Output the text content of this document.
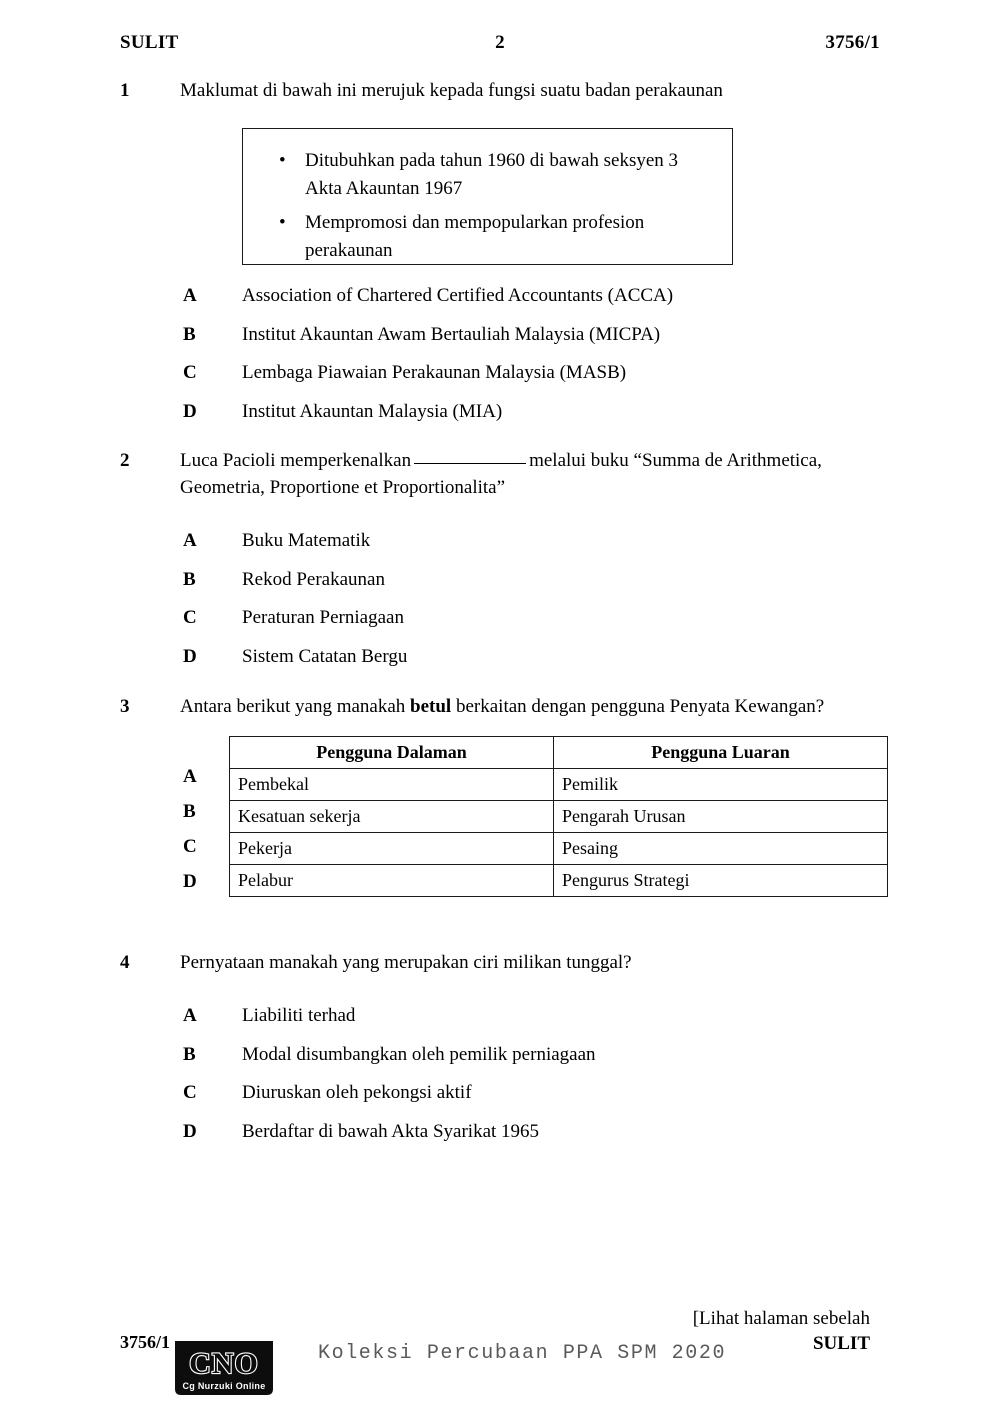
SULIT	2	3756/1
1	Maklumat di bawah ini merujuk kepada fungsi suatu badan perakaunan
• Ditubuhkan pada tahun 1960 di bawah seksyen 3 Akta Akauntan 1967
• Mempromosi dan mempopularkan profesion perakaunan
A	Association of Chartered Certified Accountants (ACCA)
B	Institut Akauntan Awam Bertauliah Malaysia (MICPA)
C	Lembaga Piawaian Perakaunan Malaysia (MASB)
D	Institut Akauntan Malaysia (MIA)
2	Luca Pacioli memperkenalkan	melalui buku “Summa de Arithmetica, Geometria, Proportione et Proportionalita”
A	Buku Matematik
B	Rekod Perakaunan
C	Peraturan Perniagaan
D	Sistem Catatan Bergu
3	Antara berikut yang manakah betul berkaitan dengan pengguna Penyata Kewangan?

A
B
C
D
Pengguna Dalaman	Pengguna Luaran
Pembekal	Pemilik
Kesatuan sekerja	Pengarah Urusan
Pekerja	Pesaing
Pelabur	Pengurus Strategi
4	Pernyataan manakah yang merupakan ciri milikan tunggal?
A	Liabiliti terhad
B	Modal disumbangkan oleh pemilik perniagaan
C	Diuruskan oleh pekongsi aktif
D	Berdaftar di bawah Akta Syarikat 1965
[Lihat halaman sebelah
SULIT
3756/1
CNO
Cg Nurzuki Online
Koleksi Percubaan PPA SPM 2020
